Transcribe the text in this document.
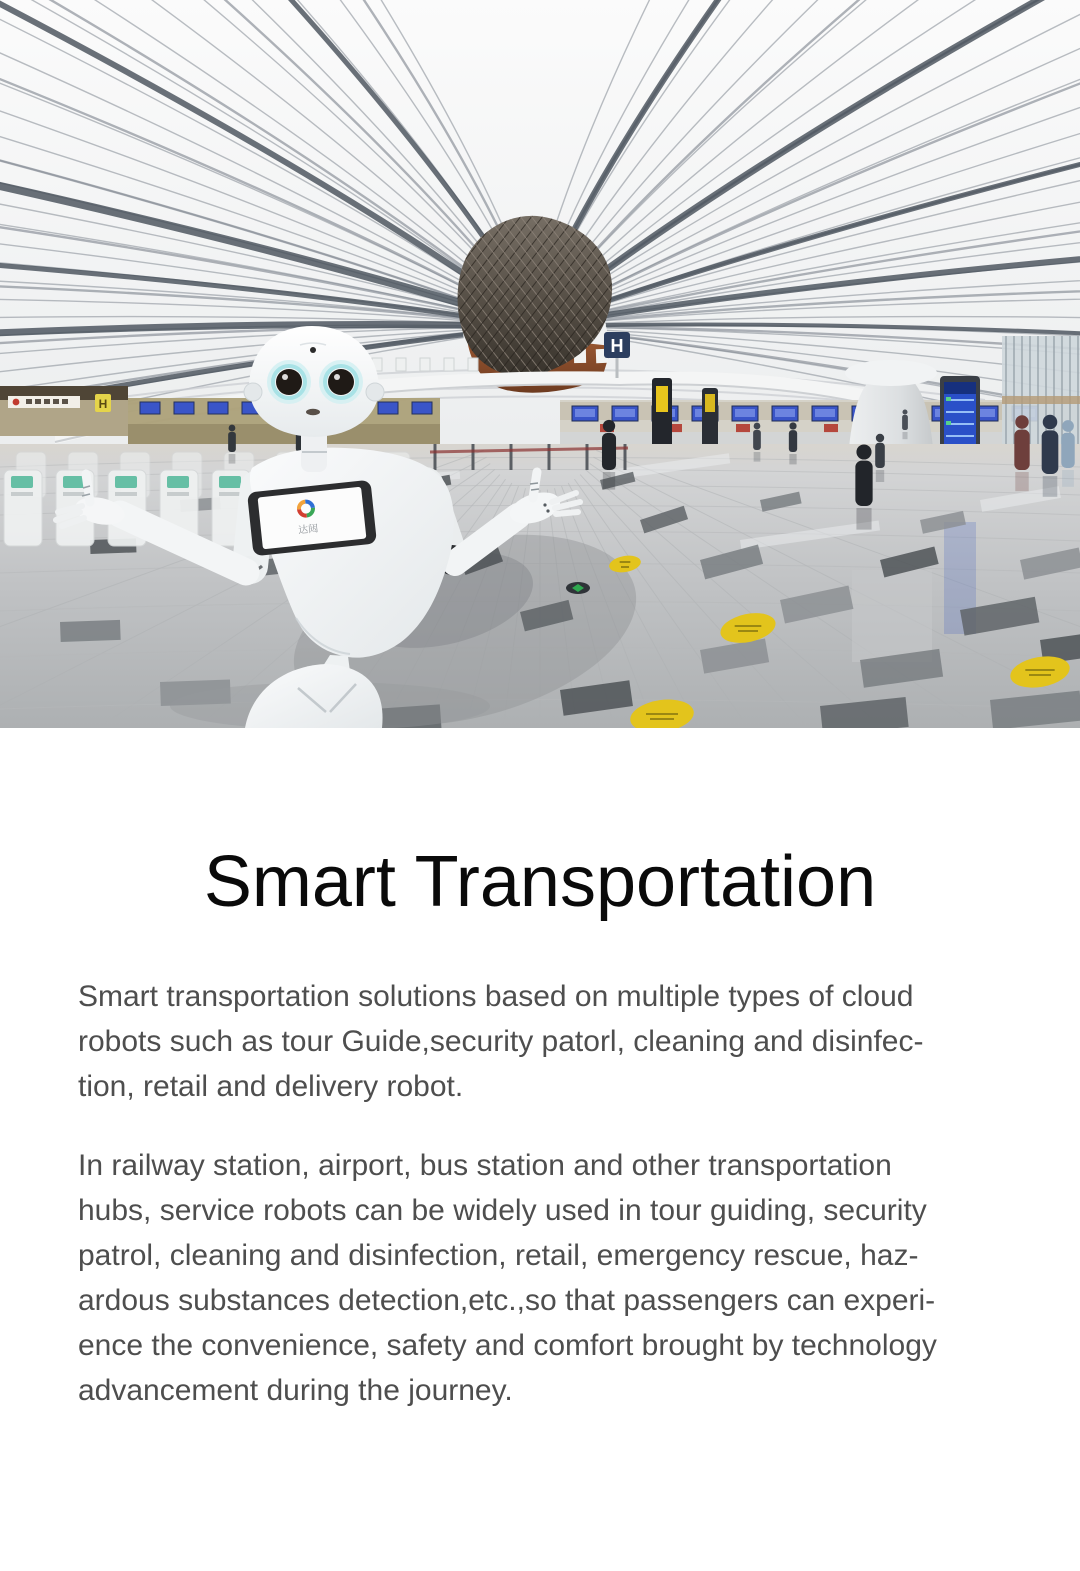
H
H
达闼
Smart Transportation
Smart transportation solutions based on multiple types of cloud
robots such as tour Guide,security patorl, cleaning and disinfec-
tion, retail and delivery robot.
In railway station, airport, bus station and other transportation
hubs, service robots can be widely used in tour guiding, security
patrol, cleaning and disinfection, retail, emergency rescue, haz-
ardous substances detection,etc.,so that passengers can experi-
ence the convenience, safety and comfort brought by technology
advancement during the journey.
